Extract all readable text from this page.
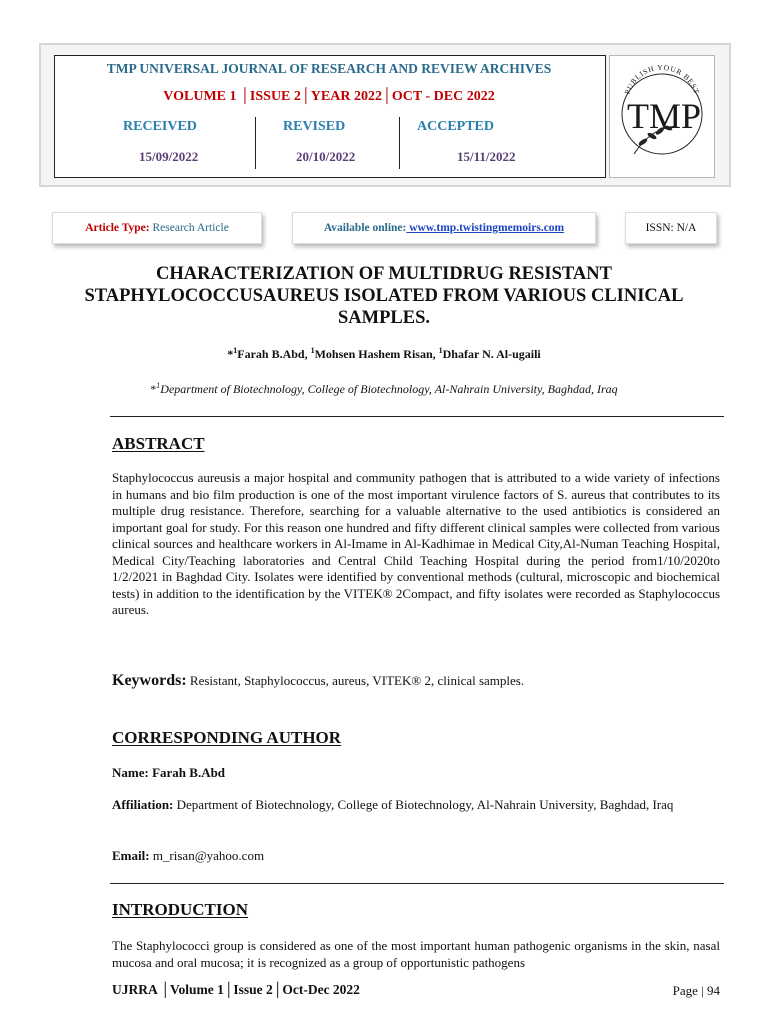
TMP UNIVERSAL JOURNAL OF RESEARCH AND REVIEW ARCHIVES
VOLUME 1 │ISSUE 2│YEAR 2022│OCT - DEC 2022
RECEIVED	REVISED	ACCEPTED
15/09/2022	20/10/2022	15/11/2022
PUBLISH YOUR BEST
TMP
Article Type: Research Article	Available online: www.tmp.twistingmemoirs.com	ISSN: N/A
CHARACTERIZATION OF MULTIDRUG RESISTANT STAPHYLOCOCCUSAUREUS ISOLATED FROM VARIOUS CLINICAL SAMPLES.
*$^1$Farah B.Abd, $^1$Mohsen Hashem Risan, $^1$Dhafar N. Al-ugaili
*$^1$Department of Biotechnology, College of Biotechnology, Al-Nahrain University, Baghdad, Iraq
ABSTRACT
Staphylococcus aureusis a major hospital and community pathogen that is attributed to a wide variety of infections in humans and bio film production is one of the most important virulence factors of S. aureus that contributes to its multiple drug resistance. Therefore, searching for a valuable alternative to the used antibiotics is considered an important goal for study. For this reason one hundred and fifty different clinical samples were collected from various clinical sources and healthcare workers in Al-Imame in Al-Kadhimae in Medical City,Al-Numan Teaching Hospital, Medical City/Teaching laboratories and Central Child Teaching Hospital during the period from1/10/2020to 1/2/2021 in Baghdad City. Isolates were identified by conventional methods (cultural, microscopic and biochemical tests) in addition to the identification by the VITEK® 2Compact, and fifty isolates were recorded as Staphylococcus aureus.
Keywords: Resistant, Staphylococcus, aureus, VITEK® 2, clinical samples.
CORRESPONDING AUTHOR
Name: Farah B.Abd
Affiliation: Department of Biotechnology, College of Biotechnology, Al-Nahrain University, Baghdad, Iraq
Email: m_risan@yahoo.com
INTRODUCTION
The Staphylococci group is considered as one of the most important human pathogenic organisms in the skin, nasal mucosa and oral mucosa; it is recognized as a group of opportunistic pathogens
UJRRA │Volume 1│Issue 2│Oct-Dec 2022	Page | 94
